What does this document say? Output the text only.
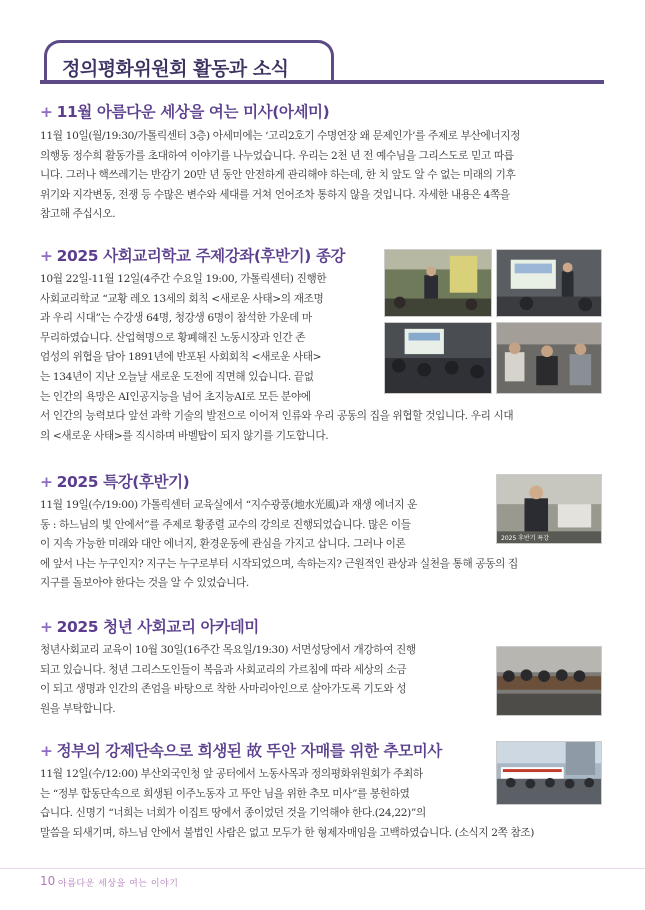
정의평화위원회 활동과 소식
+ 11월 아름다운 세상을 여는 미사(아세미)
11월 10일(월/19:30/가톨릭센터 3층) 아세미에는 ‘고리2호기 수명연장 왜 문제인가’를 주제로 부산에너지정
의행동 정수희 활동가를 초대하여 이야기를 나누었습니다. 우리는 2천 년 전 예수님을 그리스도로 믿고 따릅
니다. 그러나 핵쓰레기는 반감기 20만 년 동안 안전하게 관리해야 하는데, 한 치 앞도 알 수 없는 미래의 기후
위기와 지각변동, 전쟁 등 수많은 변수와 세대를 거쳐 언어조차 통하지 않을 것입니다. 자세한 내용은 4쪽을
참고해 주십시오.
+ 2025 사회교리학교 주제강좌(후반기) 종강
10월 22일-11월 12일(4주간 수요일 19:00, 가톨릭센터) 진행한
사회교리학교 “교황 레오 13세의 회칙 <새로운 사태>의 재조명
과 우리 시대”는 수강생 64명, 청강생 6명이 참석한 가운데 마
무리하였습니다. 산업혁명으로 황폐해진 노동시장과 인간 존
엄성의 위협을 담아 1891년에 반포된 사회회칙 <새로운 사태>
는 134년이 지난 오늘날 새로운 도전에 직면해 있습니다. 끝없
는 인간의 욕망은 AI인공지능을 넘어 초지능AI로 모든 분야에
서 인간의 능력보다 앞선 과학 기술의 발전으로 이어져 인류와 우리 공동의 집을 위협할 것입니다. 우리 시대
의 <새로운 사태>를 직시하며 바벨탑이 되지 않기를 기도합니다.
+ 2025 특강(후반기)
11월 19일(수/19:00) 가톨릭센터 교육실에서 “지수광풍(地水光風)과 재생 에너지 운
동 : 하느님의 빛 안에서”를 주제로 황종렬 교수의 강의로 진행되었습니다. 많은 이들
이 지속 가능한 미래와 대안 에너지, 환경운동에 관심을 가지고 삽니다. 그러나 이론
에 앞서 나는 누구인지? 지구는 누구로부터 시작되었으며, 속하는지? 근원적인 관상과 실천을 통해 공동의 집
지구를 돌보아야 한다는 것을 알 수 있었습니다.
2025 후반기 특강
+ 2025 청년 사회교리 아카데미
청년사회교리 교육이 10월 30일(16주간 목요일/19:30) 서면성당에서 개강하여 진행
되고 있습니다. 청년 그리스도인들이 복음과 사회교리의 가르침에 따라 세상의 소금
이 되고 생명과 인간의 존엄을 바탕으로 착한 사마리아인으로 살아가도록 기도와 성
원을 부탁합니다.
+ 정부의 강제단속으로 희생된 故 뚜안 자매를 위한 추모미사
11월 12일(수/12:00) 부산외국인청 앞 공터에서 노동사목과 정의평화위원회가 주최하
는 “정부 합동단속으로 희생된 이주노동자 고 뚜안 님을 위한 추모 미사”를 봉헌하였
습니다. 신명기 “너희는 너희가 이집트 땅에서 종이었던 것을 기억해야 한다.(24,22)”의
말씀을 되새기며, 하느님 안에서 불법인 사람은 없고 모두가 한 형제자매임을 고백하였습니다. (소식지 2쪽 참조)
10 아름다운 세상을 여는 이야기
